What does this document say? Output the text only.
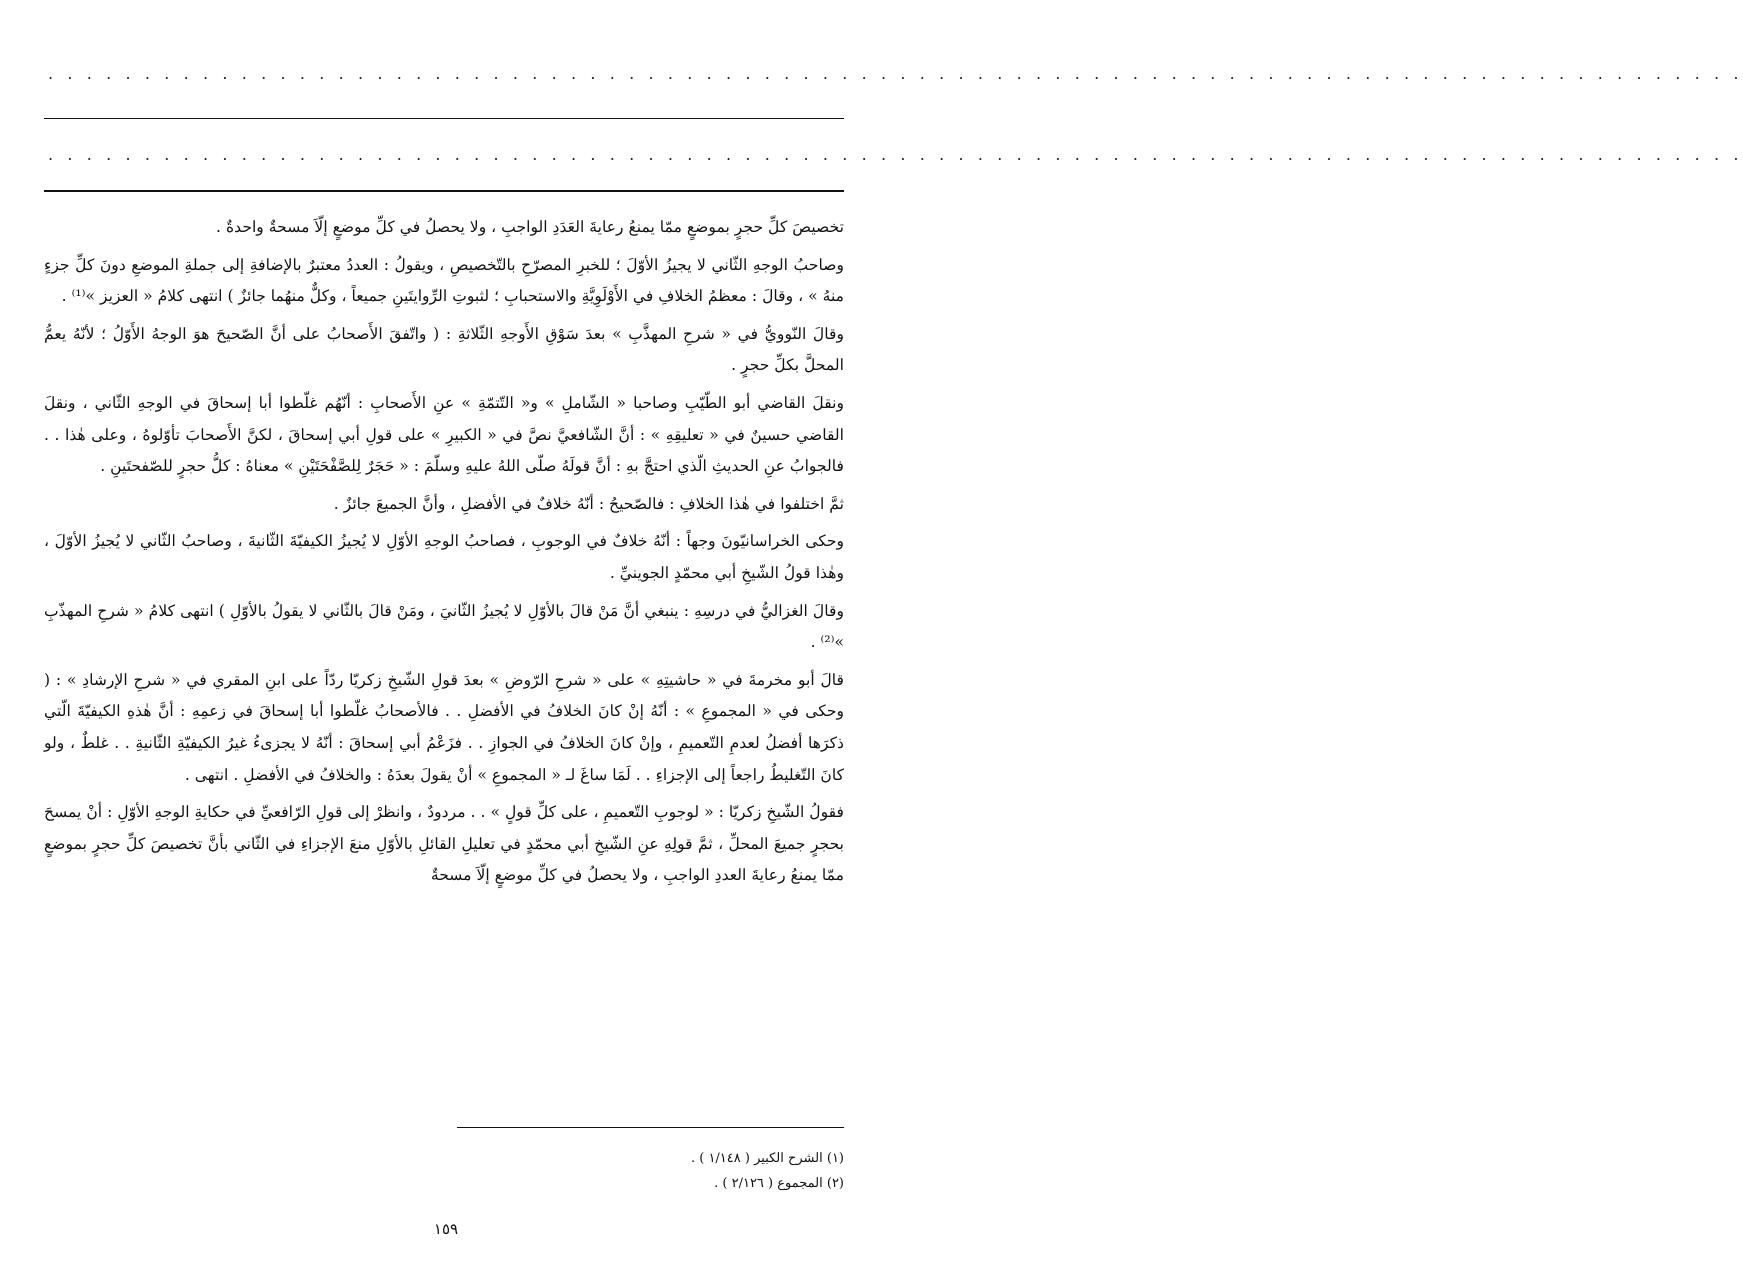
. . . . . . . . . . . . . . . . . . . . . . . . . . . . . . . . . . . . . . . . . . . . . . . . . . . . . . . . . . . . . . . . . . . . . . . . . . . . . . . . . . . . . . . .
. . . . . . . . . . . . . . . . . . . . . . . . . . . . . . . . . . . . . . . . . . . . . . . . . . . . . . . . . . . . . . . . . . . . . . . . . . . . . . . . . . . . . . . .

تخصيصَ كلِّ حجرٍ بموضعٍ ممّا يمنعُ رعايةَ العَدَدِ الواجبِ ، ولا يحصلُ في كلِّ موضعٍ إلّاَ مسحةٌ واحدةٌ .

وصاحبُ الوجهِ الثّاني لا يجيزُ الأوّلَ ؛ للخبرِ المصرّحِ بالتّخصيصِ ، ويقولُ : العددُ معتبرٌ بالإضافةِ إلى جملةِ الموضعِ دونَ كلِّ جزءٍ منهُ » ، وقالَ : معظمُ الخلافِ في الأَوْلَوِيَّةِ والاستحبابِ ؛ لثبوتِ الرِّوايتَينِ جميعاً ، وكلٌّ منهُما جائزٌ ) انتهى كلامُ « العزيز »⁽¹⁾ .

وقالَ النّوويُّ في « شرحِ المهذَّبِ » بعدَ سَوْقِ الأَوجهِ الثّلاثةِ : ( واتّفقَ الأَصحابُ على أنَّ الصّحيحَ هوَ الوجهُ الأَوّلُ ؛ لأنّهُ يعمُّ المحلَّ بكلِّ حجرٍ .

ونقلَ القاضي أبو الطّيّبِ وصاحبا « الشّاملِ » و« التّتمّةِ » عنِ الأَصحابِ : أنّهُم غلّطوا أبا إسحاقَ في الوجهِ الثّاني ، ونقلَ القاضي حسينٌ في « تعليقِهِ » : أنَّ الشّافعيَّ نصَّ في « الكبيرِ » على قولِ أبي إسحاقَ ، لكنَّ الأَصحابَ تأوّلوهُ ، وعلى هٰذا . . فالجوابُ عنِ الحديثِ الّذي احتجَّ بهِ : أنَّ قولَهُ صلّى اللهُ عليهِ وسلّمَ : « حَجَرٌ لِلصَّفْحَتَيْنِ » معناهُ : كلُّ حجرٍ للصّفحتَينِ .

ثمَّ اختلفوا في هٰذا الخلافِ : فالصّحيحُ : أنّهُ خلافٌ في الأفضلِ ، وأنَّ الجميعَ جائزٌ .

وحكى الخراسانيّونَ وجهاً : أنّهُ خلافٌ في الوجوبِ ، فصاحبُ الوجهِ الأوّلِ لا يُجيزُ الكيفيّةَ الثّانيةَ ، وصاحبُ الثّاني لا يُجيزُ الأوّلَ ، وهٰذا قولُ الشّيخِ أبي محمّدٍ الجوينيِّ .

وقالَ الغزاليُّ في درسِهِ : ينبغي أنَّ مَنْ قالَ بالأوّلِ لا يُجيزُ الثّانيَ ، ومَنْ قالَ بالثّاني لا يقولُ بالأوّلِ ) انتهى كلامُ « شرحِ المهذّبِ »⁽²⁾ .

قالَ أبو مخرمةَ في « حاشيتِهِ » على « شرحِ الرّوضِ » بعدَ قولِ الشّيخِ زكريّا ردّاً على ابنِ المقري في « شرحِ الإرشادِ » : ( وحكى في « المجموعِ » : أنّهُ إنْ كانَ الخلافُ في الأفضلِ . . فالأصحابُ غلّطوا أبا إسحاقَ في زعمِهِ : أنَّ هٰذهِ الكيفيّةَ الّتي ذكرَها أفضلُ لعدمِ التّعميمِ ، وإنْ كانَ الخلافُ في الجوازِ . . فزَعْمُ أبي إسحاقَ : أنّهُ لا يجزىءُ غيرُ الكيفيّةِ الثّانيةِ . . غلطٌ ، ولو كانَ التّغليطُ راجعاً إلى الإجزاءِ . . لَمَا ساغَ لـ « المجموعِ » أنْ يقولَ بعدَهُ : والخلافُ في الأفضلِ . انتهى .

فقولُ الشّيخِ زكريّا : « لوجوبِ التّعميمِ ، على كلِّ قولٍ » . . مردودٌ ، وانظرْ إلى قولِ الرّافعيِّ في حكايةِ الوجهِ الأوّلِ : أنْ يمسحَ بحجرٍ جميعَ المحلِّ ، ثمَّ قولِهِ عنِ الشّيخِ أبي محمّدٍ في تعليلِ القائلِ بالأوّلِ منعَ الإجزاءِ في الثّاني بأنَّ تخصيصَ كلِّ حجرٍ بموضعٍ ممّا يمنعُ رعايةَ العددِ الواجبِ ، ولا يحصلُ في كلِّ موضعٍ إلّاَ مسحةٌ

(١) الشرح الكبير ( ١/١٤٨ ) .
(٢) المجموع ( ٢/١٢٦ ) .
١٥٩
